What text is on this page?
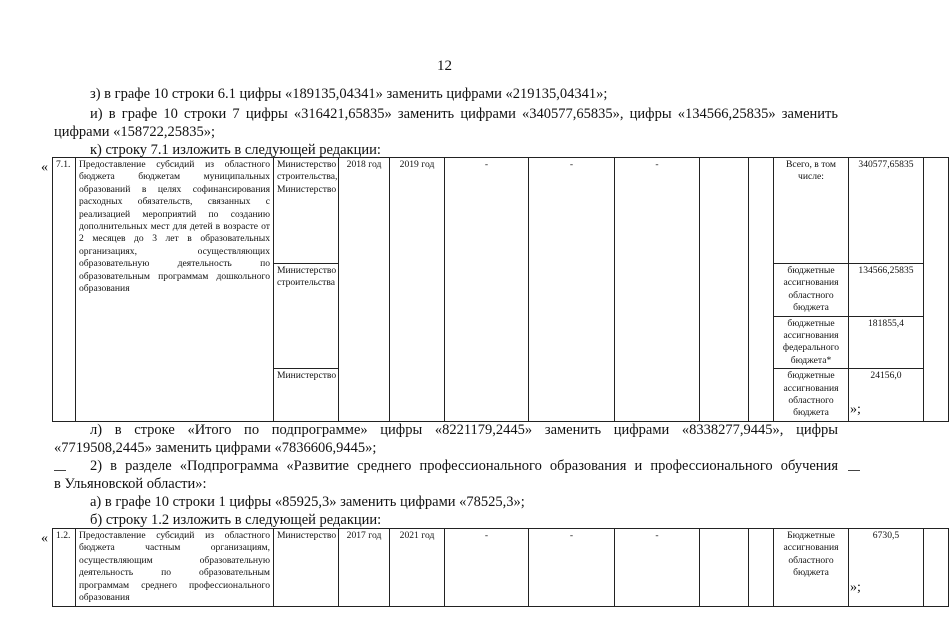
12
з) в графе 10 строки 6.1 цифры «189135,04341» заменить цифрами «219135,04341»;
и) в графе 10 строки 7 цифры «316421,65835» заменить цифрами «340577,65835», цифры «134566,25835» заменить
цифрами «158722,25835»;
к) строку 7.1 изложить в следующей редакции:
« 7.1.	Предоставление субсидий из областного бюджета бюджетам муниципальных образований в целях софинансирования расходных обязательств, связанных с реализацией мероприятий по созданию дополнительных мест для детей в возрасте от 2 месяцев до 3 лет в образовательных организациях, осуществляющих образовательную деятельность по образовательным программам дошкольного образования	Министерство строительства, Министерство	2018 год	2019 год	-	-	-			Всего, в том числе:	340577,65835	
		Министерство строительства								бюджетные ассигнования областного бюджета	134566,25835	
										бюджетные ассигнования федерального бюджета*	181855,4	
		Министерство								бюджетные ассигнования областного бюджета	24156,0	
»;
л) в строке «Итого по подпрограмме» цифры «8221179,2445» заменить цифрами «8338277,9445», цифры
«7719508,2445» заменить цифрами «7836606,9445»;
2) в разделе «Подпрограмма «Развитие среднего профессионального образования и профессионального обучения
в Ульяновской области»:
а) в графе 10 строки 1 цифры «85925,3» заменить цифрами «78525,3»;
б) строку 1.2 изложить в следующей редакции:
« 1.2.	Предоставление субсидий из областного бюджета частным организациям, осуществляющим образовательную деятельность по образовательным программам среднего профессионального образования	Министерство	2017 год	2021 год	-	-	-			Бюджетные ассигнования областного бюджета	6730,5	
»;
